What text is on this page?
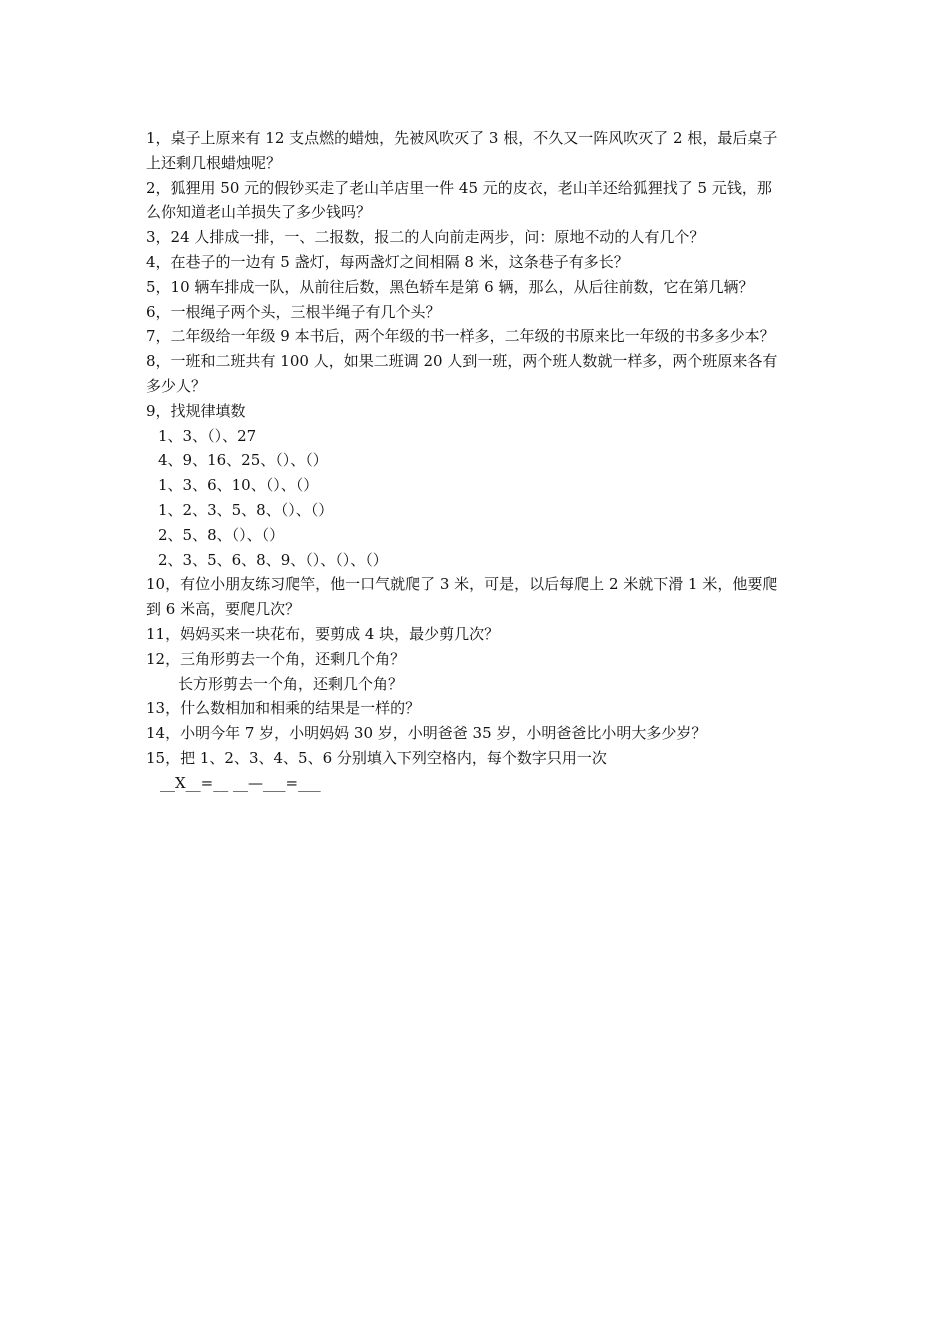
1，桌子上原来有 12 支点燃的蜡烛，先被风吹灭了 3 根，不久又一阵风吹灭了 2 根，最后桌子
上还剩几根蜡烛呢？
2，狐狸用 50 元的假钞买走了老山羊店里一件 45 元的皮衣，老山羊还给狐狸找了 5 元钱，那
么你知道老山羊损失了多少钱吗？
3，24 人排成一排，一、二报数，报二的人向前走两步，问：原地不动的人有几个？
4，在巷子的一边有 5 盏灯，每两盏灯之间相隔 8 米，这条巷子有多长？
5，10 辆车排成一队，从前往后数，黑色轿车是第 6 辆，那么，从后往前数，它在第几辆？
6，一根绳子两个头，三根半绳子有几个头？
7，二年级给一年级 9 本书后，两个年级的书一样多，二年级的书原来比一年级的书多多少本？
8，一班和二班共有 100 人，如果二班调 20 人到一班，两个班人数就一样多，两个班原来各有
多少人？
9，找规律填数
1、3、（）、27
4、9、16、25、（）、（）
1、3、6、10、（）、（）
1、2、3、5、8、（）、（）
2、5、8、（）、（）
2、3、5、6、8、9、（）、（）、（）
10，有位小朋友练习爬竿，他一口气就爬了 3 米，可是，以后每爬上 2 米就下滑 1 米，他要爬
到 6 米高，要爬几次？
11，妈妈买来一块花布，要剪成 4 块，最少剪几次？
12，三角形剪去一个角，还剩几个角？
长方形剪去一个角，还剩几个角？
13，什么数相加和相乘的结果是一样的？
14，小明今年 7 岁，小明妈妈 30 岁，小明爸爸 35 岁，小明爸爸比小明大多少岁？
15，把 1、2、3、4、5、6 分别填入下列空格内，每个数字只用一次
__X__=__ __—___=___
